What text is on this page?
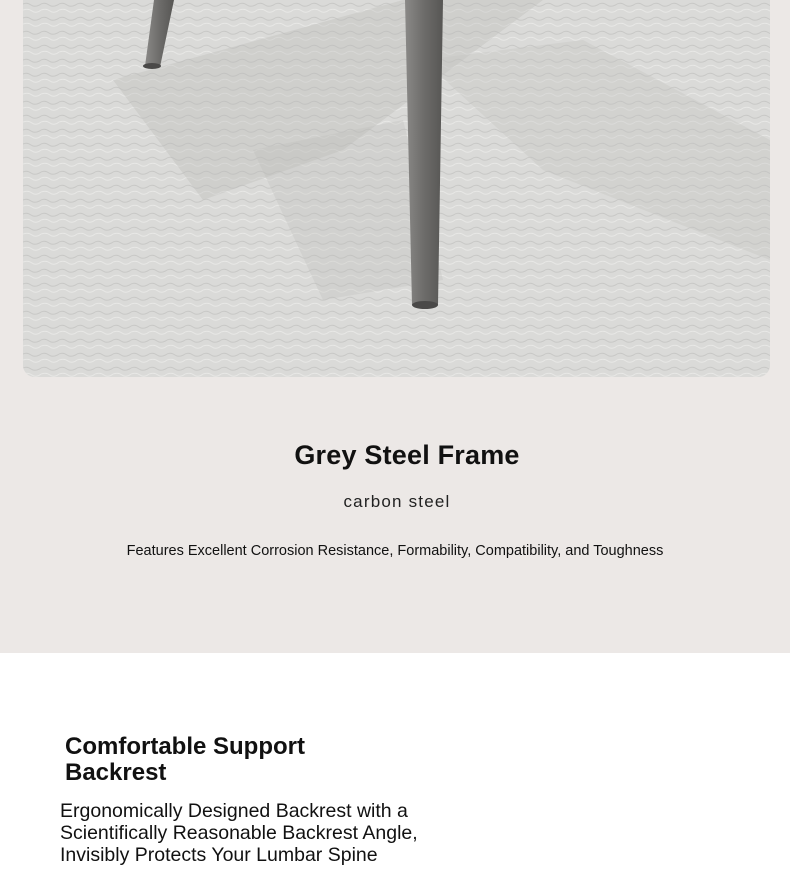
Grey Steel Frame
carbon steel
Features Excellent Corrosion Resistance, Formability, Compatibility, and Toughness
Comfortable Support Backrest
Ergonomically Designed Backrest with a Scientifically Reasonable Backrest Angle, Invisibly Protects Your Lumbar Spine
